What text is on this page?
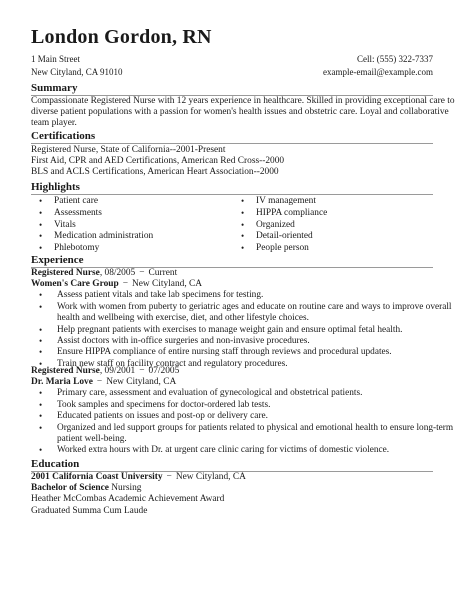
London Gordon, RN
1 Main Street
New Cityland, CA 91010
Cell: (555) 322-7337
example-email@example.com
Summary
Compassionate Registered Nurse with 12 years experience in healthcare. Skilled in providing exceptional care to
diverse patient populations with a passion for women's health issues and obstetric care. Loyal and collaborative
team player.
Certifications
Registered Nurse, State of California--2001-Present
First Aid, CPR and AED Certifications, American Red Cross--2000
BLS and ACLS Certifications, American Heart Association--2000
Highlights
• Patient care
• Assessments
• Vitals
• Medication administration
• Phlebotomy
• IV management
• HIPPA compliance
• Organized
• Detail-oriented
• People person
Experience
Registered Nurse, 08/2005 − Current
Women's Care Group − New Cityland, CA
• Assess patient vitals and take lab specimens for testing.
• Work with women from puberty to geriatric ages and educate on routine care and ways to improve overall
health and wellbeing with exercise, diet, and other lifestyle choices.
• Help pregnant patients with exercises to manage weight gain and ensure optimal fetal health.
• Assist doctors with in-office surgeries and non-invasive procedures.
• Ensure HIPPA compliance of entire nursing staff through reviews and procedural updates.
• Train new staff on facility contract and regulatory procedures.
Registered Nurse, 09/2001 − 07/2005
Dr. Maria Love − New Cityland, CA
• Primary care, assessment and evaluation of gynecological and obstetrical patients.
• Took samples and specimens for doctor-ordered lab tests.
• Educated patients on issues and post-op or delivery care.
• Organized and led support groups for patients related to physical and emotional health to ensure long-term
patient well-being.
• Worked extra hours with Dr. at urgent care clinic caring for victims of domestic violence.
Education
2001 California Coast University − New Cityland, CA
Bachelor of Science Nursing
Heather McCombas Academic Achievement Award
Graduated Summa Cum Laude
